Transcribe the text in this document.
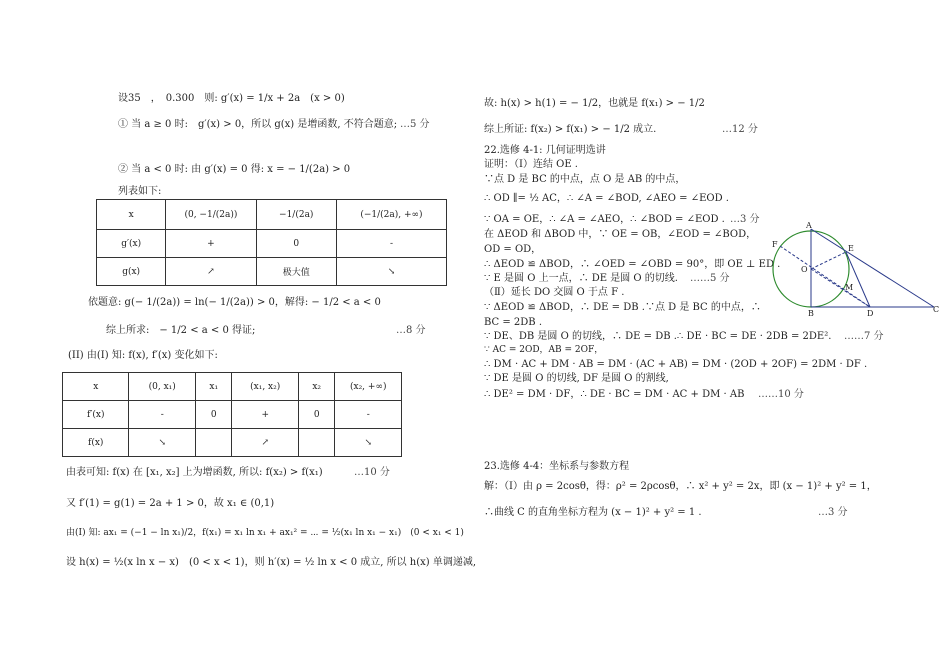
设35　，　0.300　则: g′(x) = 1/x + 2a　(x > 0)
① 当 a ≥ 0 时:　g′(x) > 0，所以 g(x) 是增函数, 不符合题意; …5 分
② 当 a < 0 时: 由 g′(x) = 0 得: x = − 1/(2a) > 0
列表如下:
x	(0, −1/(2a))	−1/(2a)	(−1/(2a), +∞)
g′(x)	+	0	-
g(x)	↗	极大值	↘
依题意: g(− 1/(2a)) = ln(− 1/(2a)) > 0，解得: − 1/2 < a < 0
综上所求:　− 1/2 < a < 0 得证;	…8 分
(II) 由(I) 知: f(x), f′(x) 变化如下:
x	(0, x₁)	x₁	(x₁, x₂)	x₂	(x₂, +∞)
f′(x)	-	0	+	0	-
f(x)	↘		↗		↘
由表可知: f(x) 在 [x₁, x₂] 上为增函数, 所以: f(x₂) > f(x₁)	…10 分
又 f′(1) = g(1) = 2a + 1 > 0，故 x₁ ∈ (0,1)
由(I) 知: ax₁ = (−1 − ln x₁)/2，f(x₁) = x₁ ln x₁ + ax₁² = ⋯ = ½(x₁ ln x₁ − x₁)　(0 < x₁ < 1)
设 h(x) = ½(x ln x − x)　(0 < x < 1)，则 h′(x) = ½ ln x < 0 成立, 所以 h(x) 单调递减,
故: h(x) > h(1) = − 1/2，也就是 f(x₁) > − 1/2
综上所证: f(x₂) > f(x₁) > − 1/2 成立.	…12 分
22.选修 4-1: 几何证明选讲
证明：（Ⅰ）连结 OE .
∵点 D 是 BC 的中点，点 O 是 AB 的中点，
∴ OD ∥= ½ AC，∴ ∠A = ∠BOD, ∠AEO = ∠EOD .
∵ OA = OE，∴ ∠A = ∠AEO，∴ ∠BOD = ∠EOD . …3 分
在 ΔEOD 和 ΔBOD 中，∵ OE = OB，∠EOD = ∠BOD，
OD = OD，
∴ ΔEOD ≌ ΔBOD，∴ ∠OED = ∠OBD = 90°，即 OE ⊥ ED .
∵ E 是圆 O 上一点，∴ DE 是圆 O 的切线. ……5 分
（Ⅱ）延长 DO 交圆 O 于点 F .
∵ ΔEOD ≌ ΔBOD，∴ DE = DB .∵点 D 是 BC 的中点，∴
BC = 2DB .
∵ DE、DB 是圆 O 的切线，∴ DE = DB .∴ DE · BC = DE · 2DB = 2DE². ……7 分
∵ AC = 2OD，AB = 2OF，
∴ DM · AC + DM · AB = DM · (AC + AB) = DM · (2OD + 2OF) = 2DM · DF .
∵ DE 是圆 O 的切线, DF 是圆 O 的割线,
∴ DE² = DM · DF，∴ DE · BC = DM · AC + DM · AB ……10 分
23.选修 4-4：坐标系与参数方程
解：（Ⅰ）由 ρ = 2cosθ，得：ρ² = 2ρcosθ，∴ x² + y² = 2x，即 (x − 1)² + y² = 1，
∴曲线 C 的直角坐标方程为 (x − 1)² + y² = 1 .	…3 分
A
E
F
O
M
B	D	C
